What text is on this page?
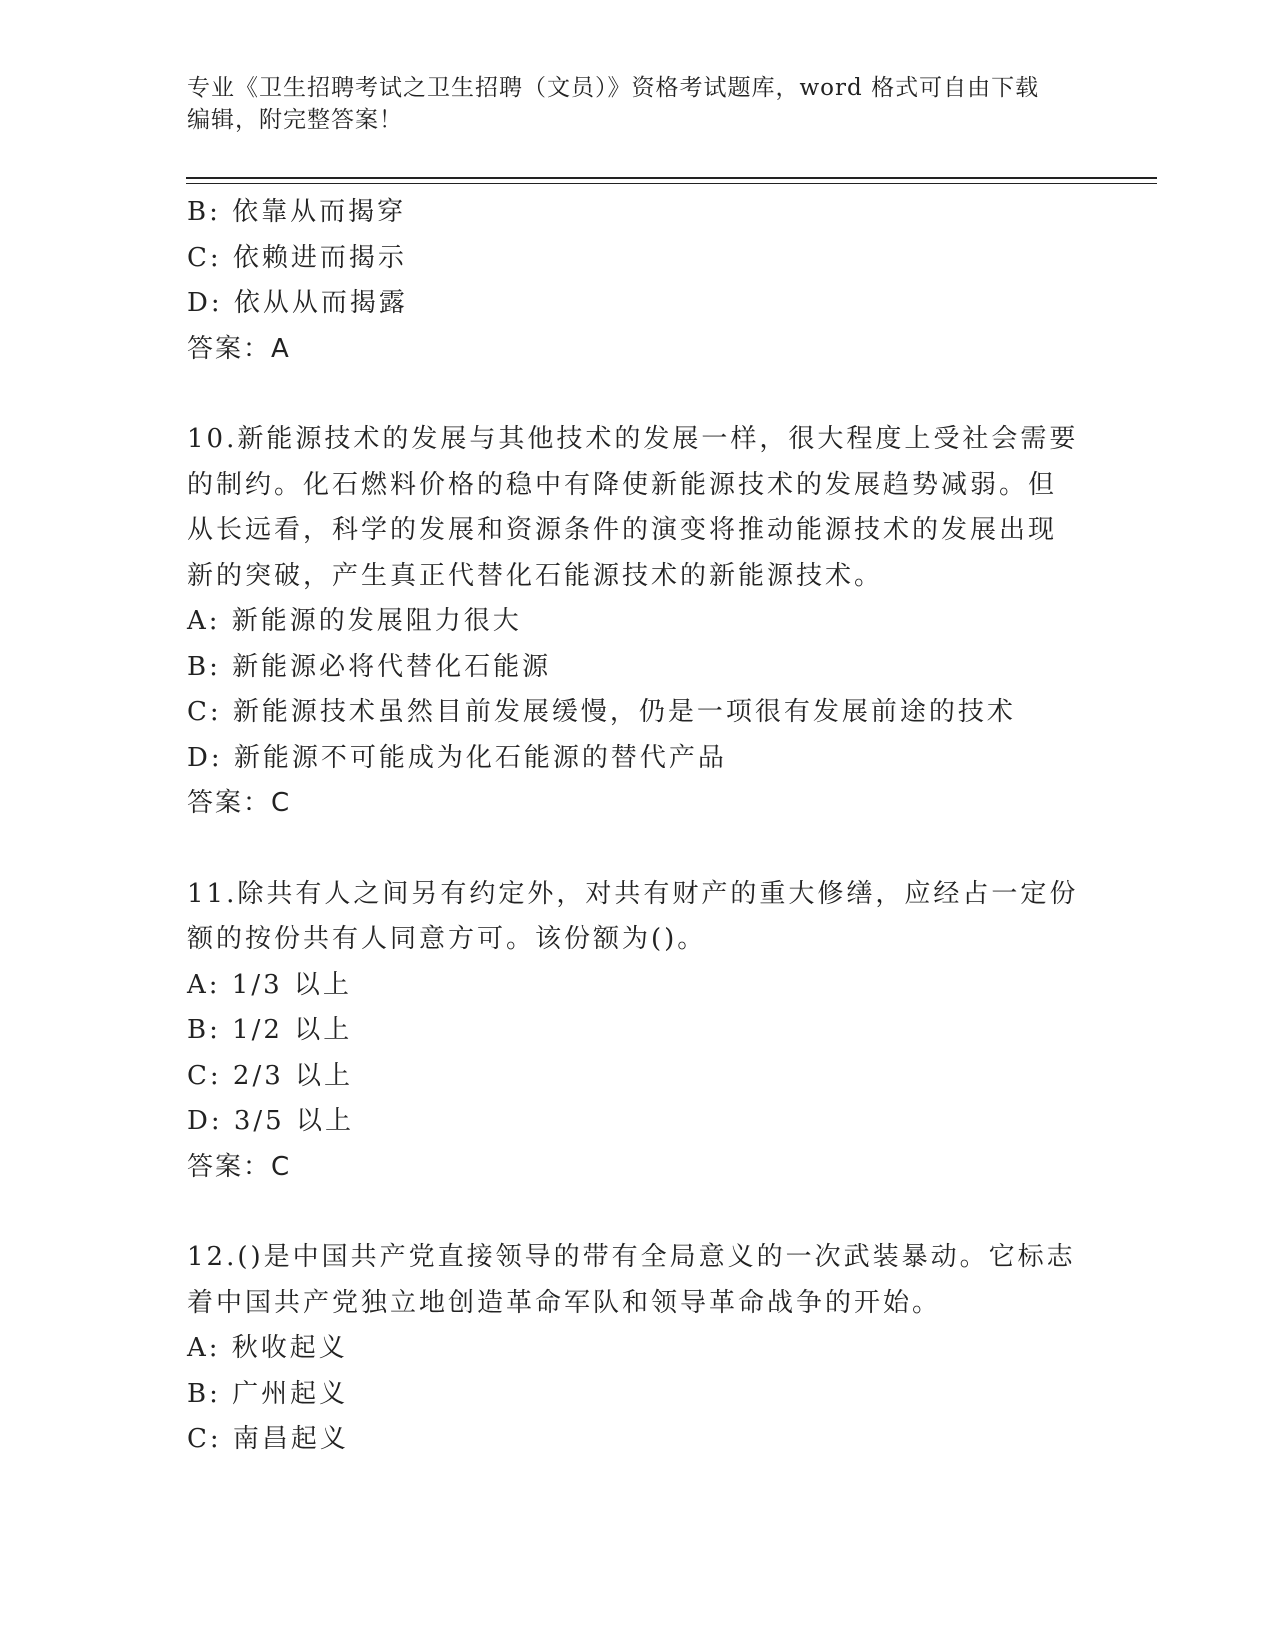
专业《卫生招聘考试之卫生招聘（文员）》资格考试题库，word 格式可自由下载
编辑，附完整答案！
B: 依靠从而揭穿
C: 依赖进而揭示
D: 依从从而揭露
答案：A
10.新能源技术的发展与其他技术的发展一样，很大程度上受社会需要
的制约。化石燃料价格的稳中有降使新能源技术的发展趋势减弱。但
从长远看，科学的发展和资源条件的演变将推动能源技术的发展出现
新的突破，产生真正代替化石能源技术的新能源技术。
A: 新能源的发展阻力很大
B: 新能源必将代替化石能源
C: 新能源技术虽然目前发展缓慢，仍是一项很有发展前途的技术
D: 新能源不可能成为化石能源的替代产品
答案：C
11.除共有人之间另有约定外，对共有财产的重大修缮，应经占一定份
额的按份共有人同意方可。该份额为()。
A: 1/3 以上
B: 1/2 以上
C: 2/3 以上
D: 3/5 以上
答案：C
12.()是中国共产党直接领导的带有全局意义的一次武装暴动。它标志
着中国共产党独立地创造革命军队和领导革命战争的开始。
A: 秋收起义
B: 广州起义
C: 南昌起义
